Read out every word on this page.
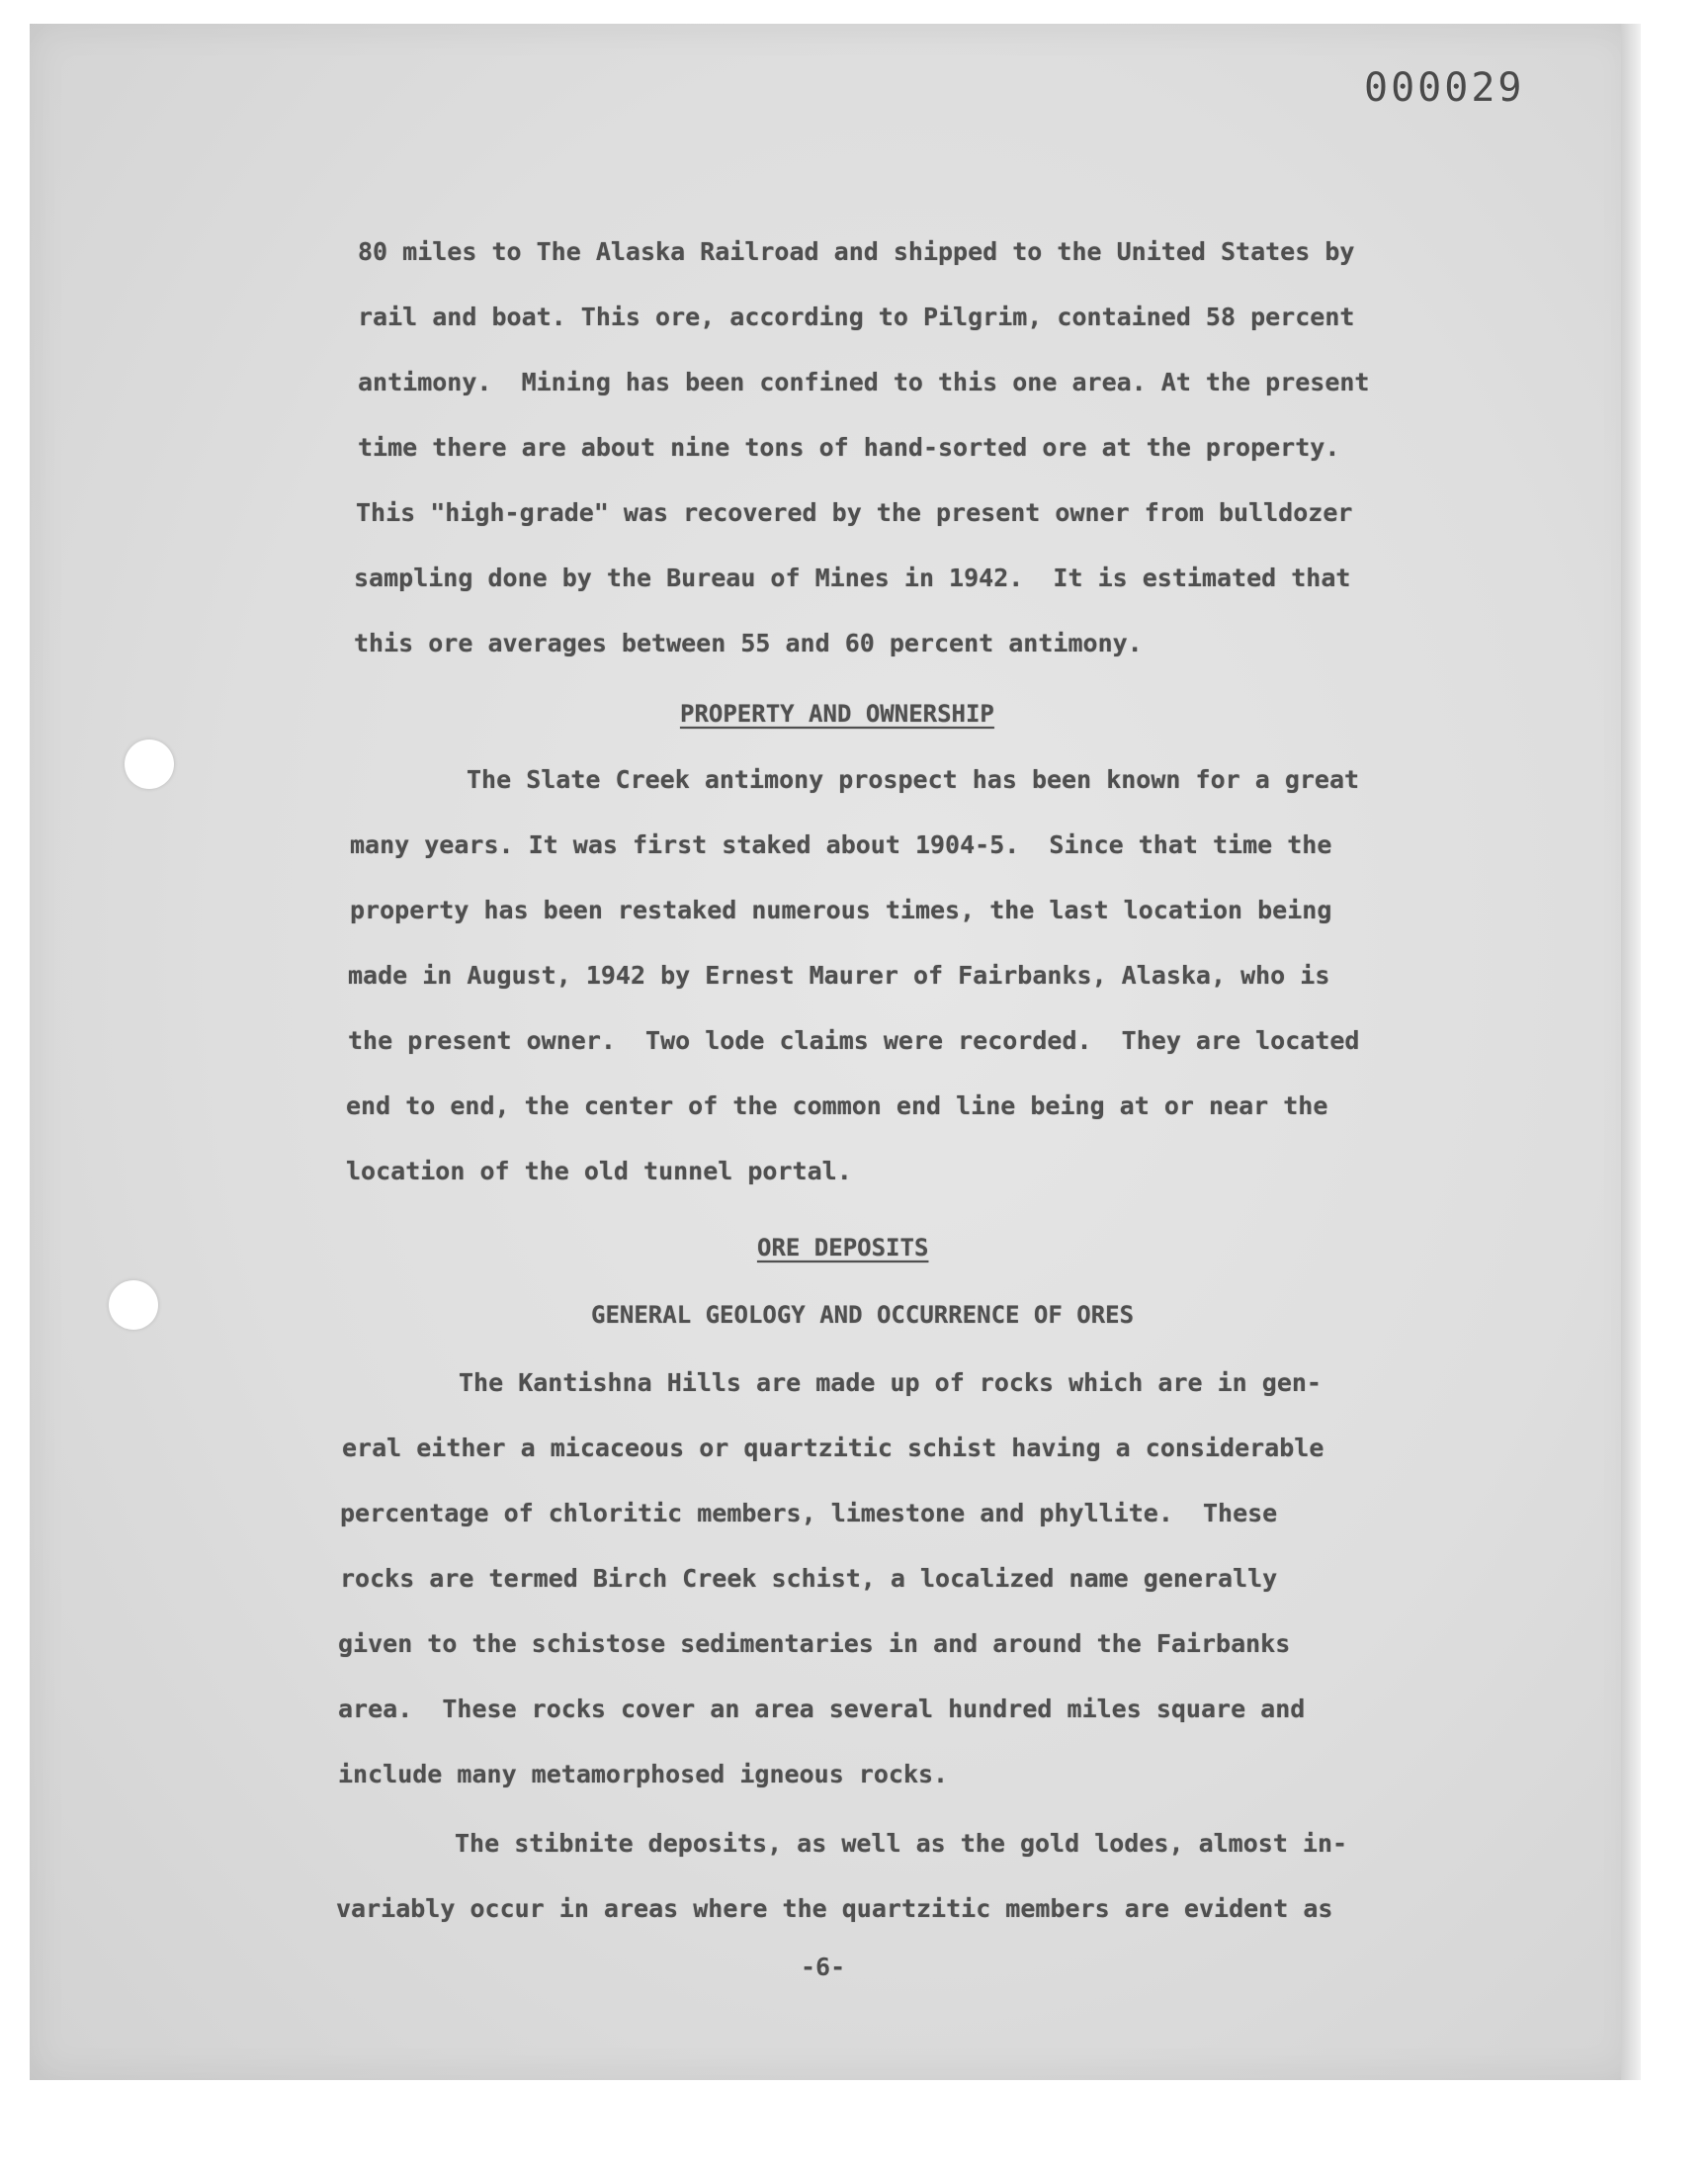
000029
80 miles to The Alaska Railroad and shipped to the United States by
rail and boat. This ore, according to Pilgrim, contained 58 percent
antimony.  Mining has been confined to this one area. At the present
time there are about nine tons of hand-sorted ore at the property.
This "high-grade" was recovered by the present owner from bulldozer
sampling done by the Bureau of Mines in 1942.  It is estimated that
this ore averages between 55 and 60 percent antimony.
PROPERTY AND OWNERSHIP
The Slate Creek antimony prospect has been known for a great
many years. It was first staked about 1904-5.  Since that time the
property has been restaked numerous times, the last location being
made in August, 1942 by Ernest Maurer of Fairbanks, Alaska, who is
the present owner.  Two lode claims were recorded.  They are located
end to end, the center of the common end line being at or near the
location of the old tunnel portal.
ORE DEPOSITS
GENERAL GEOLOGY AND OCCURRENCE OF ORES
The Kantishna Hills are made up of rocks which are in gen-
eral either a micaceous or quartzitic schist having a considerable
percentage of chloritic members, limestone and phyllite.  These
rocks are termed Birch Creek schist, a localized name generally
given to the schistose sedimentaries in and around the Fairbanks
area.  These rocks cover an area several hundred miles square and
include many metamorphosed igneous rocks.
The stibnite deposits, as well as the gold lodes, almost in-
variably occur in areas where the quartzitic members are evident as
-6-
